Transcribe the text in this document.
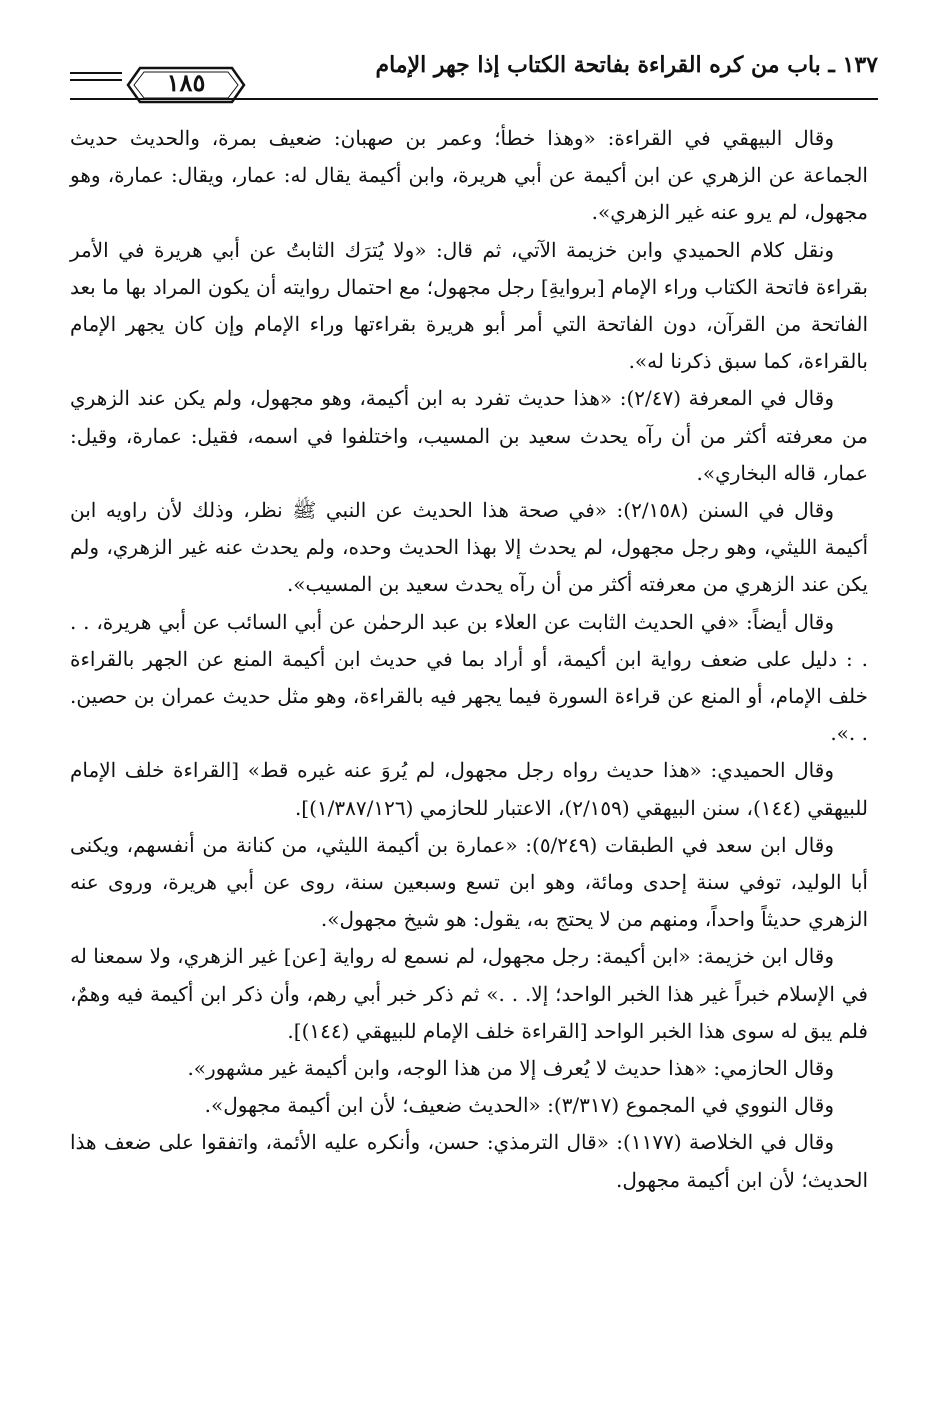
١٣٧ ـ باب من كره القراءة بفاتحة الكتاب إذا جهر الإمام
١٨٥

وقال البيهقي في القراءة: «وهذا خطأ؛ وعمر بن صهبان: ضعيف بمرة، والحديث حديث الجماعة عن الزهري عن ابن أكيمة عن أبي هريرة، وابن أكيمة يقال له: عمار، ويقال: عمارة، وهو مجهول، لم يرو عنه غير الزهري».

ونقل كلام الحميدي وابن خزيمة الآتي، ثم قال: «ولا يُترَك الثابتُ عن أبي هريرة في الأمر بقراءة فاتحة الكتاب وراء الإمام [بروايةِ] رجل مجهول؛ مع احتمال روايته أن يكون المراد بها ما بعد الفاتحة من القرآن، دون الفاتحة التي أمر أبو هريرة بقراءتها وراء الإمام وإن كان يجهر الإمام بالقراءة، كما سبق ذكرنا له».

وقال في المعرفة (٢/٤٧): «هذا حديث تفرد به ابن أكيمة، وهو مجهول، ولم يكن عند الزهري من معرفته أكثر من أن رآه يحدث سعيد بن المسيب، واختلفوا في اسمه، فقيل: عمارة، وقيل: عمار، قاله البخاري».

وقال في السنن (٢/١٥٨): «في صحة هذا الحديث عن النبي ﷺ نظر، وذلك لأن راويه ابن أكيمة الليثي، وهو رجل مجهول، لم يحدث إلا بهذا الحديث وحده، ولم يحدث عنه غير الزهري، ولم يكن عند الزهري من معرفته أكثر من أن رآه يحدث سعيد بن المسيب».

وقال أيضاً: «في الحديث الثابت عن العلاء بن عبد الرحمٰن عن أبي السائب عن أبي هريرة، . . . : دليل على ضعف رواية ابن أكيمة، أو أراد بما في حديث ابن أكيمة المنع عن الجهر بالقراءة خلف الإمام، أو المنع عن قراءة السورة فيما يجهر فيه بالقراءة، وهو مثل حديث عمران بن حصين. . .».

وقال الحميدي: «هذا حديث رواه رجل مجهول، لم يُروَ عنه غيره قط» [القراءة خلف الإمام للبيهقي (١٤٤)، سنن البيهقي (٢/١٥٩)، الاعتبار للحازمي (١/٣٨٧/١٢٦)].

وقال ابن سعد في الطبقات (٥/٢٤٩): «عمارة بن أكيمة الليثي، من كنانة من أنفسهم، ويكنى أبا الوليد، توفي سنة إحدى ومائة، وهو ابن تسع وسبعين سنة، روى عن أبي هريرة، وروى عنه الزهري حديثاً واحداً، ومنهم من لا يحتج به، يقول: هو شيخ مجهول».

وقال ابن خزيمة: «ابن أكيمة: رجل مجهول، لم نسمع له رواية [عن] غير الزهري، ولا سمعنا له في الإسلام خبراً غير هذا الخبر الواحد؛ إلا. . .» ثم ذكر خبر أبي رهم، وأن ذكر ابن أكيمة فيه وهمٌ، فلم يبق له سوى هذا الخبر الواحد [القراءة خلف الإمام للبيهقي (١٤٤)].

وقال الحازمي: «هذا حديث لا يُعرف إلا من هذا الوجه، وابن أكيمة غير مشهور».

وقال النووي في المجموع (٣/٣١٧): «الحديث ضعيف؛ لأن ابن أكيمة مجهول».

وقال في الخلاصة (١١٧٧): «قال الترمذي: حسن، وأنكره عليه الأئمة، واتفقوا على ضعف هذا الحديث؛ لأن ابن أكيمة مجهول.
